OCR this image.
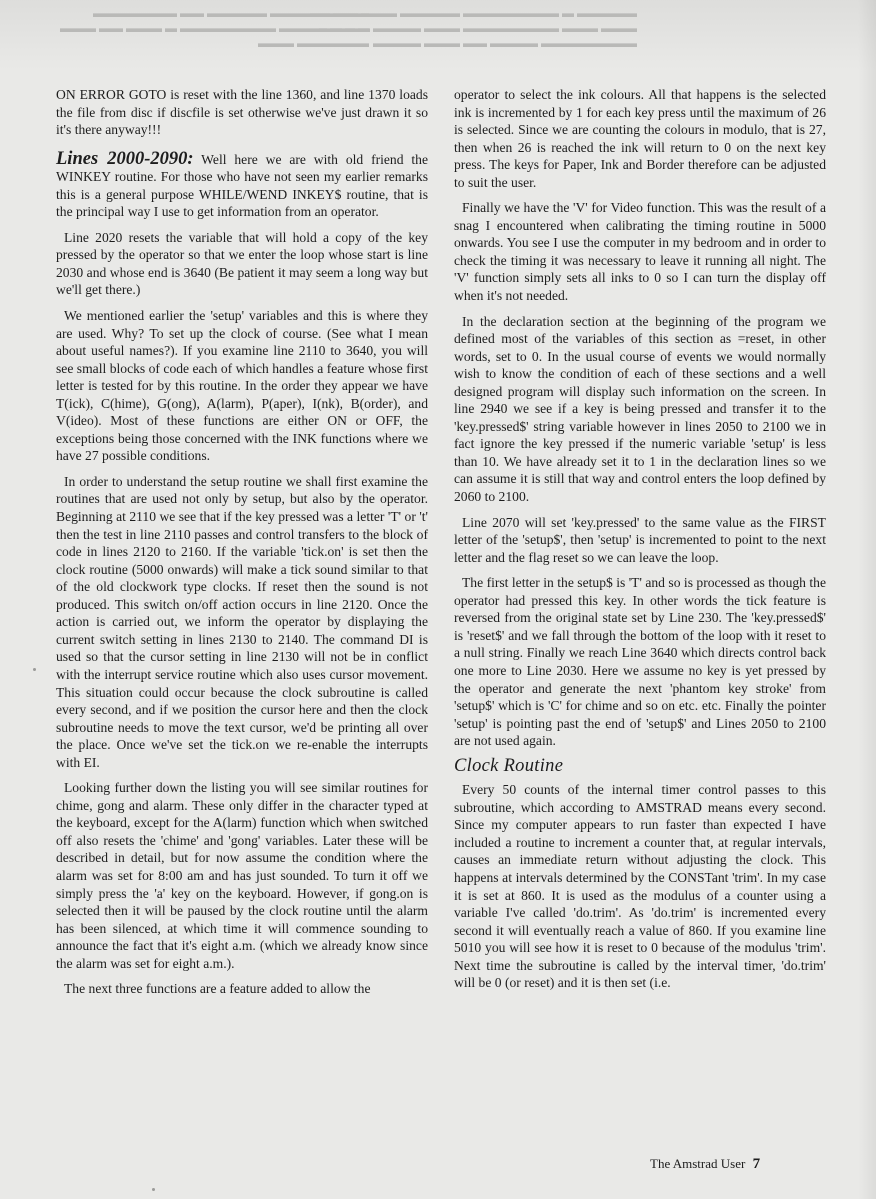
▬▬▬ ▬▬▬▬▬ ▬▬▬▬▬ ▬▬ ▬▬▬▬▬▬▬
▬▬ ▬ ▬▬▬▬ ▬▬▬▬▬▬▬▬ ▬ ▬▬▬ ▬▬ ▬▬▬
▬▬▬▬▬▬ ▬▬▬
▬▬▬▬▬ ▬ ▬▬▬▬▬▬▬▬ ▬▬▬▬▬ ▬▬▬ ▬▬▬▬
▬▬▬ ▬▬▬ ▬▬▬▬▬▬▬▬ ▬▬▬ ▬▬▬▬ ▬ ▬▬▬
▬▬▬▬▬▬▬▬ ▬▬▬▬ ▬▬ ▬▬▬ ▬▬▬▬

ON ERROR GOTO is reset with the line 1360, and line 1370 loads the file from disc if discfile is set otherwise we've just drawn it so it's there anyway!!!

Lines 2000-2090: Well here we are with old friend the WINKEY routine. For those who have not seen my earlier remarks this is a general purpose WHILE/WEND INKEY$ routine, that is the principal way I use to get information from an operator.

Line 2020 resets the variable that will hold a copy of the key pressed by the operator so that we enter the loop whose start is line 2030 and whose end is 3640 (Be patient it may seem a long way but we'll get there.)

We mentioned earlier the 'setup' variables and this is where they are used. Why? To set up the clock of course. (See what I mean about useful names?). If you examine line 2110 to 3640, you will see small blocks of code each of which handles a feature whose first letter is tested for by this routine. In the order they appear we have T(ick), C(hime), G(ong), A(larm), P(aper), I(nk), B(order), and V(ideo). Most of these functions are either ON or OFF, the exceptions being those concerned with the INK functions where we have 27 possible conditions.

In order to understand the setup routine we shall first examine the routines that are used not only by setup, but also by the operator. Beginning at 2110 we see that if the key pressed was a letter 'T' or 't' then the test in line 2110 passes and control transfers to the block of code in lines 2120 to 2160. If the variable 'tick.on' is set then the clock routine (5000 onwards) will make a tick sound similar to that of the old clockwork type clocks. If reset then the sound is not produced. This switch on/off action occurs in line 2120. Once the action is carried out, we inform the operator by displaying the current switch setting in lines 2130 to 2140. The command DI is used so that the cursor setting in line 2130 will not be in conflict with the interrupt service routine which also uses cursor movement. This situation could occur because the clock subroutine is called every second, and if we position the cursor here and then the clock subroutine needs to move the text cursor, we'd be printing all over the place. Once we've set the tick.on we re-enable the interrupts with EI.

Looking further down the listing you will see similar routines for chime, gong and alarm. These only differ in the character typed at the keyboard, except for the A(larm) function which when switched off also resets the 'chime' and 'gong' variables. Later these will be described in detail, but for now assume the condition where the alarm was set for 8:00 am and has just sounded. To turn it off we simply press the 'a' key on the keyboard. However, if gong.on is selected then it will be paused by the clock routine until the alarm has been silenced, at which time it will commence sounding to announce the fact that it's eight a.m. (which we already know since the alarm was set for eight a.m.).

The next three functions are a feature added to allow the

operator to select the ink colours. All that happens is the selected ink is incremented by 1 for each key press until the maximum of 26 is selected. Since we are counting the colours in modulo, that is 27, then when 26 is reached the ink will return to 0 on the next key press. The keys for Paper, Ink and Border therefore can be adjusted to suit the user.

Finally we have the 'V' for Video function. This was the result of a snag I encountered when calibrating the timing routine in 5000 onwards. You see I use the computer in my bedroom and in order to check the timing it was necessary to leave it running all night. The 'V' function simply sets all inks to 0 so I can turn the display off when it's not needed.

In the declaration section at the beginning of the program we defined most of the variables of this section as =reset, in other words, set to 0. In the usual course of events we would normally wish to know the condition of each of these sections and a well designed program will display such information on the screen. In line 2940 we see if a key is being pressed and transfer it to the 'key.pressed$' string variable however in lines 2050 to 2100 we in fact ignore the key pressed if the numeric variable 'setup' is less than 10. We have already set it to 1 in the declaration lines so we can assume it is still that way and control enters the loop defined by 2060 to 2100.

Line 2070 will set 'key.pressed' to the same value as the FIRST letter of the 'setup$', then 'setup' is incremented to point to the next letter and the flag reset so we can leave the loop.

The first letter in the setup$ is 'T' and so is processed as though the operator had pressed this key. In other words the tick feature is reversed from the original state set by Line 230. The 'key.pressed$' is 'reset$' and we fall through the bottom of the loop with it reset to a null string. Finally we reach Line 3640 which directs control back one more to Line 2030. Here we assume no key is yet pressed by the operator and generate the next 'phantom key stroke' from 'setup$' which is 'C' for chime and so on etc. etc. Finally the pointer 'setup' is pointing past the end of 'setup$' and Lines 2050 to 2100 are not used again.

Clock Routine

Every 50 counts of the internal timer control passes to this subroutine, which according to AMSTRAD means every second. Since my computer appears to run faster than expected I have included a routine to increment a counter that, at regular intervals, causes an immediate return without adjusting the clock. This happens at intervals determined by the CONSTant 'trim'. In my case it is set at 860. It is used as the modulus of a counter using a variable I've called 'do.trim'. As 'do.trim' is incremented every second it will eventually reach a value of 860. If you examine line 5010 you will see how it is reset to 0 because of the modulus 'trim'. Next time the subroutine is called by the interval timer, 'do.trim' will be 0 (or reset) and it is then set (i.e.

The Amstrad User 7
